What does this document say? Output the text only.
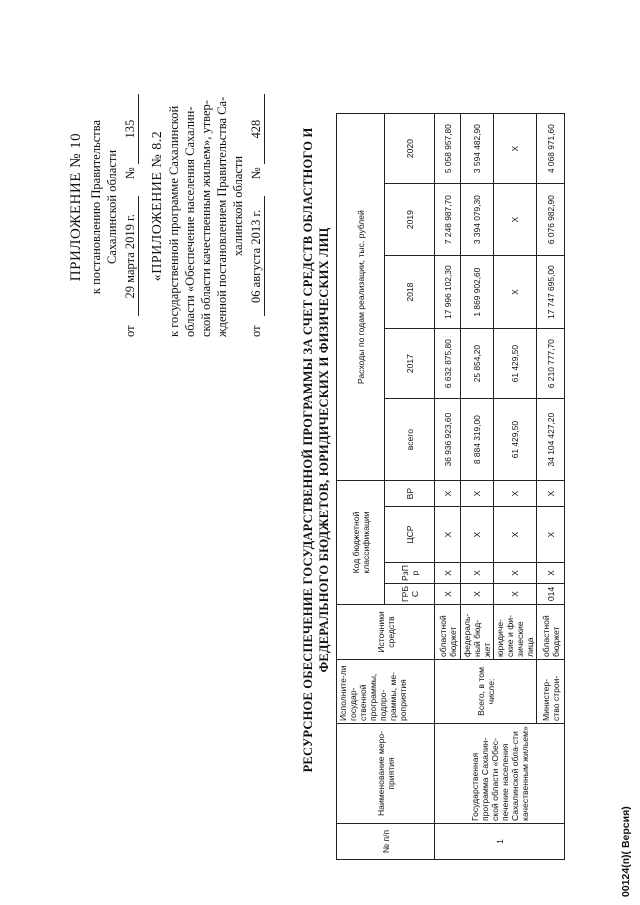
ПРИЛОЖЕНИЕ № 10 к постановлению Правительства Сахалинской области
от 29 марта 2019 г. № 135
«ПРИЛОЖЕНИЕ № 8.2 к государственной программе Сахалинской области «Обеспечение населения Сахалин- ской области качественным жильем», утвер- жденной постановлением Правительства Са- халинской области
от 06 августа 2013 г. № 428	РЕСУРСНОЕ ОБЕСПЕЧЕНИЕ ГОСУДАРСТВЕННОЙ ПРОГРАММЫ ЗА СЧЕТ СРЕДСТВ ОБЛАСТНОГО И ФЕДЕРАЛЬНОГО БЮДЖЕТОВ, ЮРИДИЧЕСКИХ И ФИЗИЧЕСКИХ ЛИЦ
№ п/п	Наименование меро-приятия	Исполните-ли государ-ственной программы, подпро-граммы, ме-роприятия	Источники средств	Код бюджетной классификации				Расходы по годам реализации, тыс. рублей				
				ГРБ С	РзП р	ЦСР	ВР	всего	2017	2018	2019	2020
1	Государственная программа Сахалин-ской области «Обес-печение населения Сахалинской обла-сти качественным жильем»	Всего, в том числе:	областной бюджет	Х	Х	Х	Х	36 936 923,60	6 632 875,80	17 996 102,30	7 248 987,70	5 058 957,80
			федераль-ный бюд-жет	Х	Х	Х	Х	8 884 319,00	25 854,20	1 869 902,60	3 394 079,30	3 594 482,90
			юридиче-ские и фи-зические лица	Х	Х	Х	Х	61 429,50	61 429,50	Х	Х	Х
		Министер-ство строи-	областной бюджет	014	Х	Х	Х	34 104 427,20	6 210 777,70	17 747 695,00	6 076 982,90	4 068 971,60
00124(п)( Версия)
